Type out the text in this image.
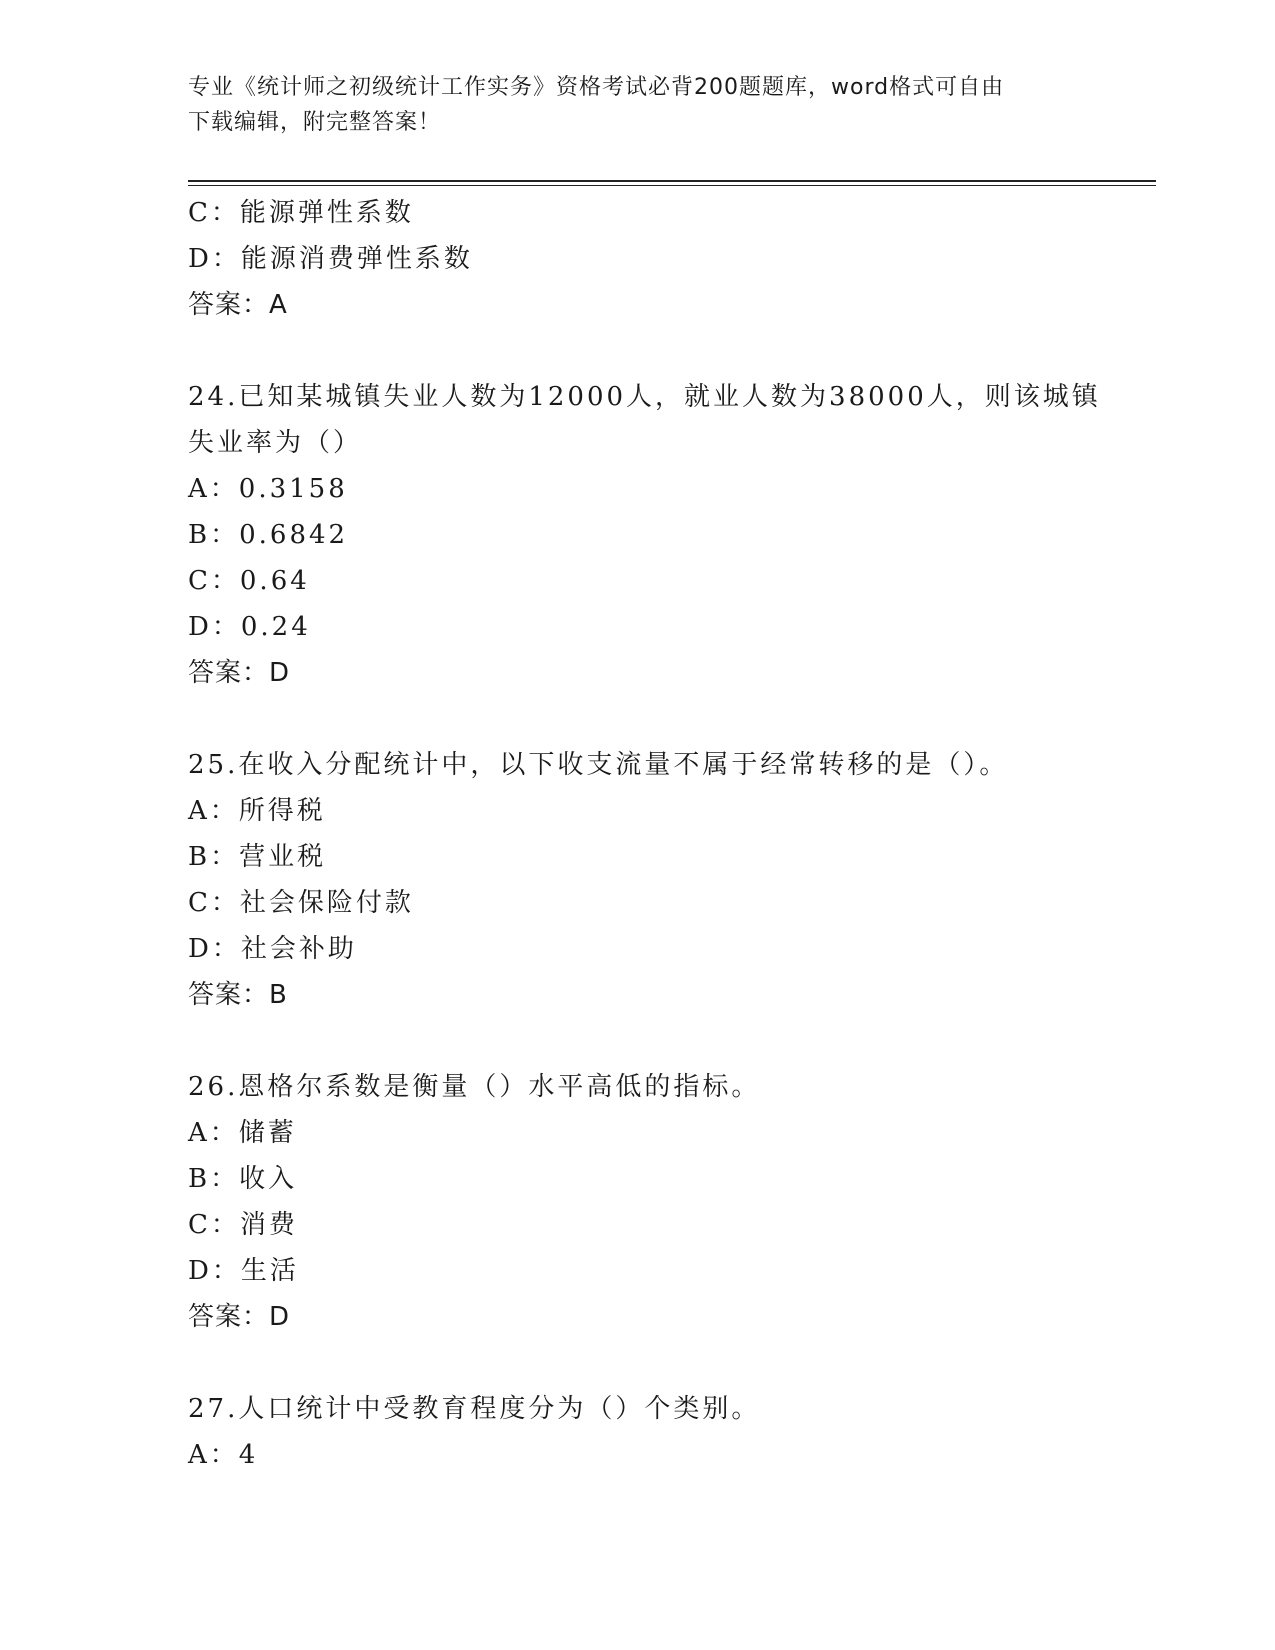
专业《统计师之初级统计工作实务》资格考试必背200题题库，word格式可自由
下载编辑，附完整答案！
C：能源弹性系数
D：能源消费弹性系数
答案：A
24.已知某城镇失业人数为12000人，就业人数为38000人，则该城镇
失业率为（）
A：0.3158
B：0.6842
C：0.64
D：0.24
答案：D
25.在收入分配统计中，以下收支流量不属于经常转移的是（）。
A：所得税
B：营业税
C：社会保险付款
D：社会补助
答案：B
26.恩格尔系数是衡量（）水平高低的指标。
A：储蓄
B：收入
C：消费
D：生活
答案：D
27.人口统计中受教育程度分为（）个类别。
A：4
